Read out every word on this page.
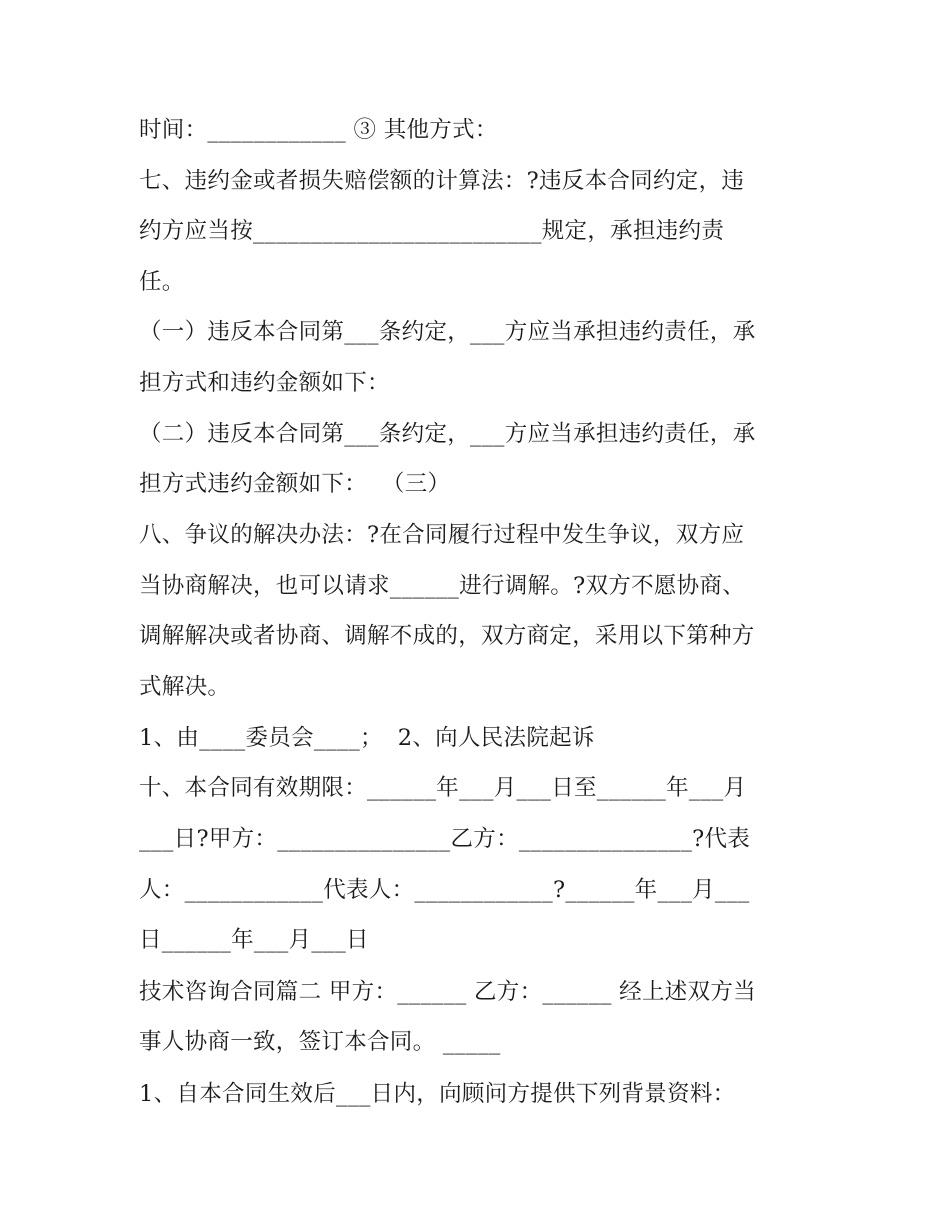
时间：____________ ③ 其他方式：
七、违约金或者损失赔偿额的计算法：?违反本合同约定，违
约方应当按_________________________规定，承担违约责
任。
（一）违反本合同第___条约定，___方应当承担违约责任，承
担方式和违约金额如下：
（二）违反本合同第___条约定，___方应当承担违约责任，承
担方式违约金额如下：  （三）
八、争议的解决办法：?在合同履行过程中发生争议，双方应
当协商解决，也可以请求______进行调解。?双方不愿协商、
调解解决或者协商、调解不成的，双方商定，采用以下第种方
式解决。
1、由____委员会____；  2、向人民法院起诉
十、本合同有效期限：______年___月___日至______年___月
___日?甲方：_______________乙方：_______________?代表
人：____________代表人：____________?______年___月___
日______年___月___日
技术咨询合同篇二 甲方：______ 乙方：______ 经上述双方当
事人协商一致，签订本合同。 _____
1、自本合同生效后___日内，向顾问方提供下列背景资料：
